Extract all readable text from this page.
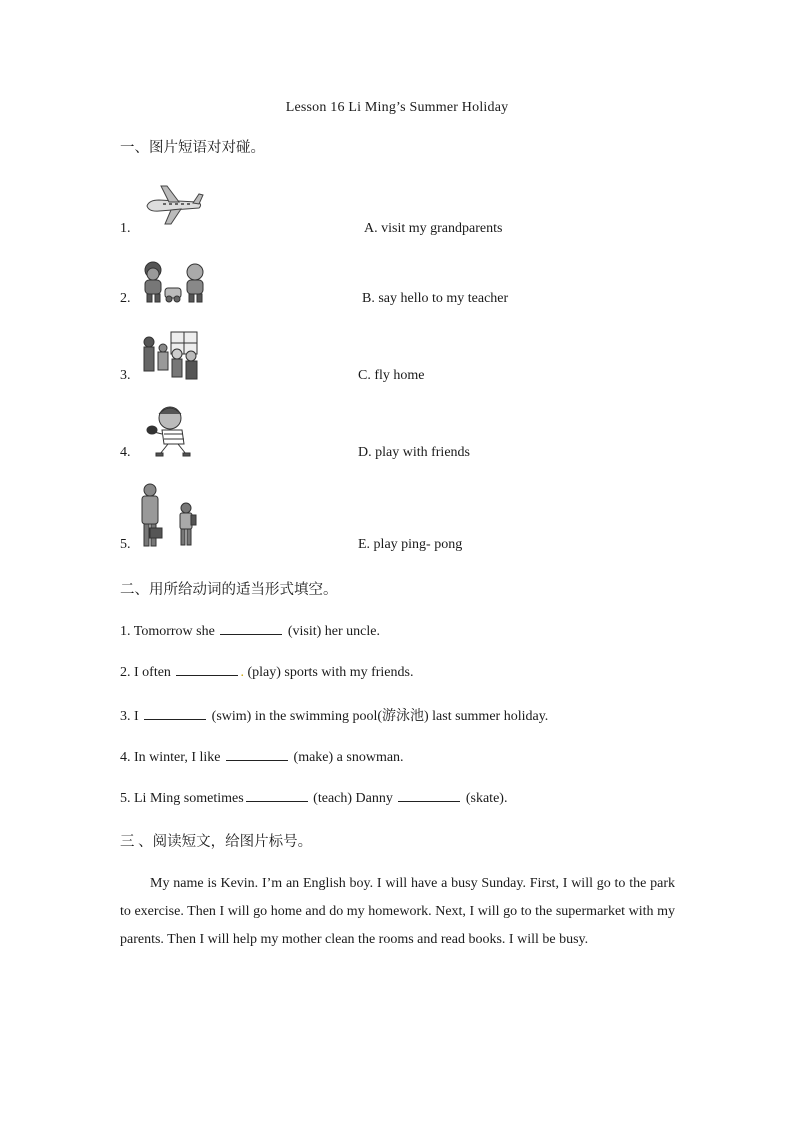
Lesson 16 Li Ming’s Summer Holiday
一、图片短语对对碰。
1.	A. visit my grandparents
2.	B. say hello to my teacher
3.	C. fly home
4.	D. play with friends
5.	E. play ping- pong
二、用所给动词的适当形式填空。
1. Tomorrow she	(visit) her uncle.
2. I often	. (play) sports with my friends.
3. I	(swim) in the swimming pool(游泳池) last summer holiday.
4. In winter, I like	(make) a snowman.
5. Li Ming sometimes	(teach) Danny	(skate).
三 、阅读短文，给图片标号。
My name is Kevin. I’m an English boy. I will have a busy Sunday. First, I will go to the park to exercise. Then I will go home and do my homework. Next, I will go to the supermarket with my parents. Then I will help my mother clean the rooms and read books. I will be busy.
